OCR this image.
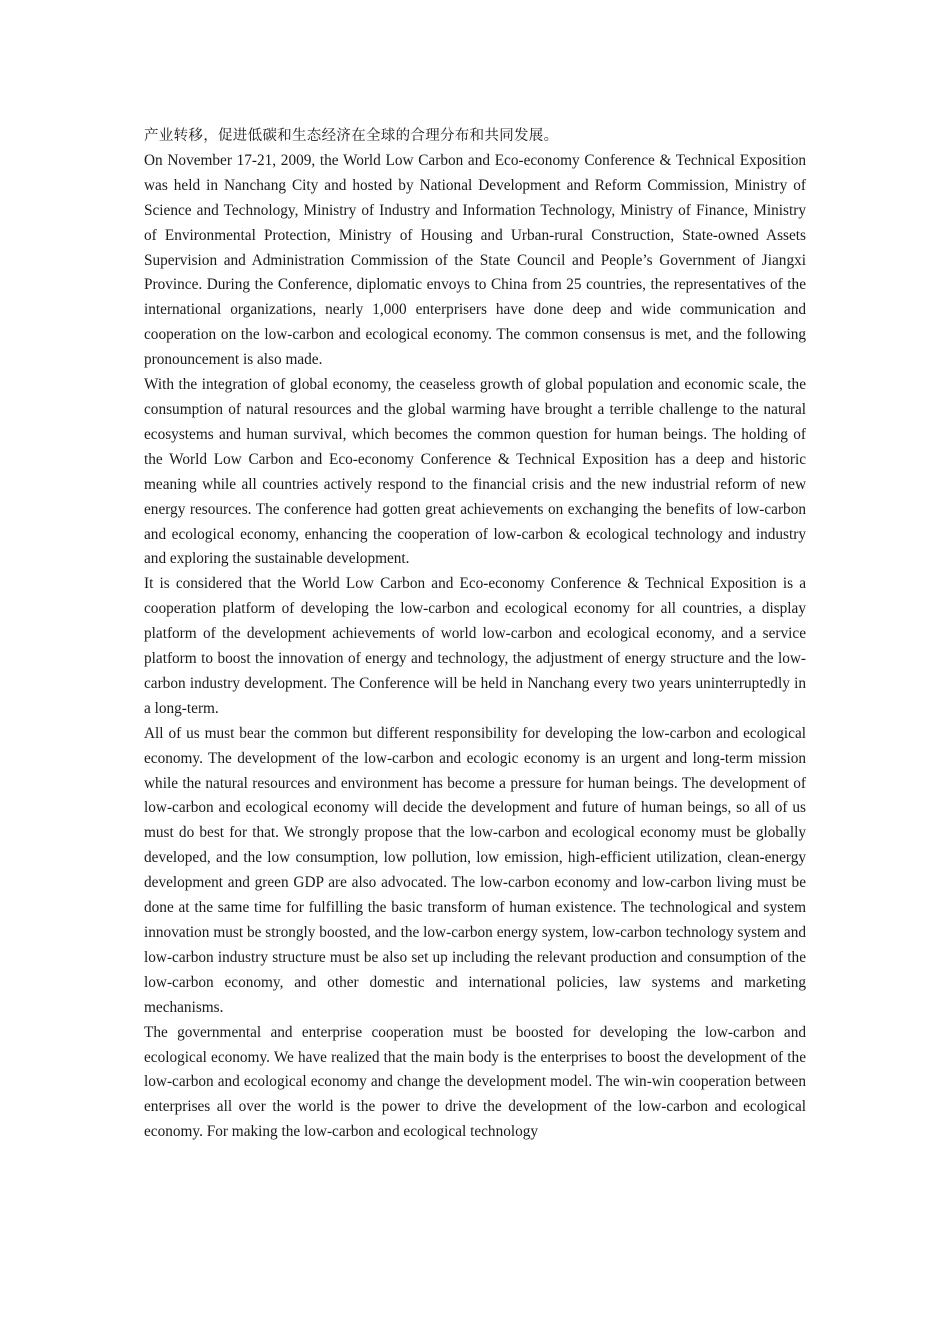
产业转移，促进低碳和生态经济在全球的合理分布和共同发展。

On November 17-21, 2009, the World Low Carbon and Eco-economy Conference & Technical Exposition was held in Nanchang City and hosted by National Development and Reform Commission, Ministry of Science and Technology, Ministry of Industry and Information Technology, Ministry of Finance, Ministry of Environmental Protection, Ministry of Housing and Urban-rural Construction, State-owned Assets Supervision and Administration Commission of the State Council and People’s Government of Jiangxi Province. During the Conference, diplomatic envoys to China from 25 countries, the representatives of the international organizations, nearly 1,000 enterprisers have done deep and wide communication and cooperation on the low-carbon and ecological economy. The common consensus is met, and the following pronouncement is also made.

With the integration of global economy, the ceaseless growth of global population and economic scale, the consumption of natural resources and the global warming have brought a terrible challenge to the natural ecosystems and human survival, which becomes the common question for human beings. The holding of the World Low Carbon and Eco-economy Conference & Technical Exposition has a deep and historic meaning while all countries actively respond to the financial crisis and the new industrial reform of new energy resources. The conference had gotten great achievements on exchanging the benefits of low-carbon and ecological economy, enhancing the cooperation of low-carbon & ecological technology and industry and exploring the sustainable development.

It is considered that the World Low Carbon and Eco-economy Conference & Technical Exposition is a cooperation platform of developing the low-carbon and ecological economy for all countries, a display platform of the development achievements of world low-carbon and ecological economy, and a service platform to boost the innovation of energy and technology, the adjustment of energy structure and the low-carbon industry development. The Conference will be held in Nanchang every two years uninterruptedly in a long-term.

All of us must bear the common but different responsibility for developing the low-carbon and ecological economy. The development of the low-carbon and ecologic economy is an urgent and long-term mission while the natural resources and environment has become a pressure for human beings. The development of low-carbon and ecological economy will decide the development and future of human beings, so all of us must do best for that. We strongly propose that the low-carbon and ecological economy must be globally developed, and the low consumption, low pollution, low emission, high-efficient utilization, clean-energy development and green GDP are also advocated. The low-carbon economy and low-carbon living must be done at the same time for fulfilling the basic transform of human existence. The technological and system innovation must be strongly boosted, and the low-carbon energy system, low-carbon technology system and low-carbon industry structure must be also set up including the relevant production and consumption of the low-carbon economy, and other domestic and international policies, law systems and marketing mechanisms.

The governmental and enterprise cooperation must be boosted for developing the low-carbon and ecological economy. We have realized that the main body is the enterprises to boost the development of the low-carbon and ecological economy and change the development model. The win-win cooperation between enterprises all over the world is the power to drive the development of the low-carbon and ecological economy. For making the low-carbon and ecological technology
